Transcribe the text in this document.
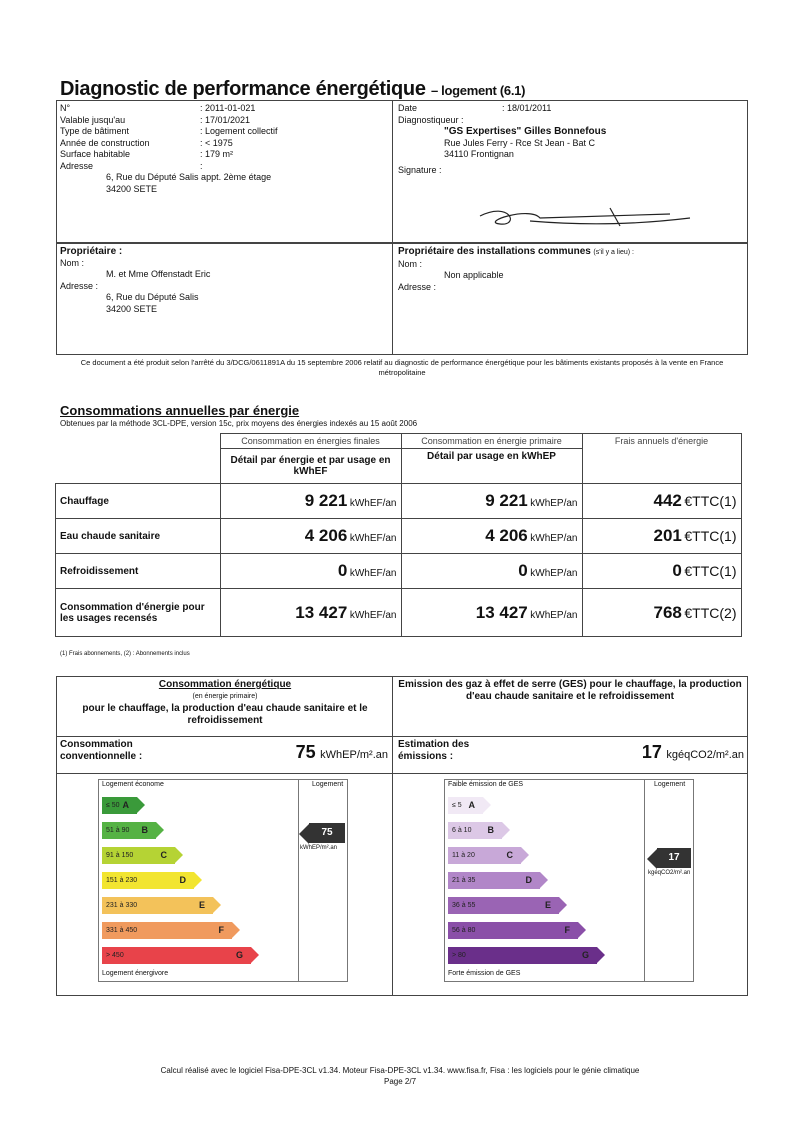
Diagnostic de performance énergétique – logement (6.1)
N°	: 2011-01-021
Valable jusqu'au	: 17/01/2021
Type de bâtiment	: Logement collectif
Année de construction	: < 1975
Surface habitable	: 179 m²
Adresse	:
6, Rue du Député Salis appt. 2ème étage
34200 SETE
Date	: 18/01/2011
Diagnostiqueur :
"GS Expertises" Gilles Bonnefous
Rue Jules Ferry - Rce St Jean - Bat C
34110 Frontignan
Signature :
Propriétaire :
Nom :
M. et Mme Offenstadt Eric
Adresse :
6, Rue du Député Salis
34200 SETE
Propriétaire des installations communes (s'il y a lieu) :
Nom :
Non applicable
Adresse :
Ce document a été produit selon l'arrêté du 3/DCG/0611891A du 15 septembre 2006 relatif au diagnostic de performance énergétique pour les bâtiments existants proposés à la vente en France métropolitaine
Consommations annuelles par énergie
Obtenues par la méthode 3CL-DPE, version 15c, prix moyens des énergies indexés au 15 août 2006
	Consommation en énergies finales	Consommation en énergie primaire	Frais annuels d'énergie
	Détail par énergie et par usage en kWhEF	Détail par usage en kWhEP	
Chauffage	9 221 kWhEF/an	9 221 kWhEP/an	442 €TTC(1)
Eau chaude sanitaire	4 206 kWhEF/an	4 206 kWhEP/an	201 €TTC(1)
Refroidissement	0 kWhEF/an	0 kWhEP/an	0 €TTC(1)
Consommation d'énergie pour les usages recensés	13 427 kWhEF/an	13 427 kWhEP/an	768 €TTC(2)
(1) Frais abonnements, (2) : Abonnements inclus
Consommation énergétique
(en énergie primaire)
pour le chauffage, la production d'eau chaude sanitaire et le refroidissement
Emission des gaz à effet de serre (GES) pour le chauffage, la production d'eau chaude sanitaire et le refroidissement
Consommation conventionnelle :	75 kWhEP/m².an
Estimation des émissions :	17 kgéqCO2/m².an
Logement économe	Logement
Logement énergivore
≤ 50 A
51 à 90 B
91 à 150	C
151 à 230	D
231 à 330	E
331 à 450	F
> 450	G
75
kWhEP/m².an
Faible émission de GES	Logement
Forte émission de GES
≤ 5 A
6 à 10 B
11 à 20	C
21 à 35	D
36 à 55	E
56 à 80	F
> 80	G
17
kgéqCO2/m².an
Calcul réalisé avec le logiciel Fisa-DPE-3CL v1.34. Moteur Fisa-DPE-3CL v1.34. www.fisa.fr, Fisa : les logiciels pour le génie climatique
Page 2/7
